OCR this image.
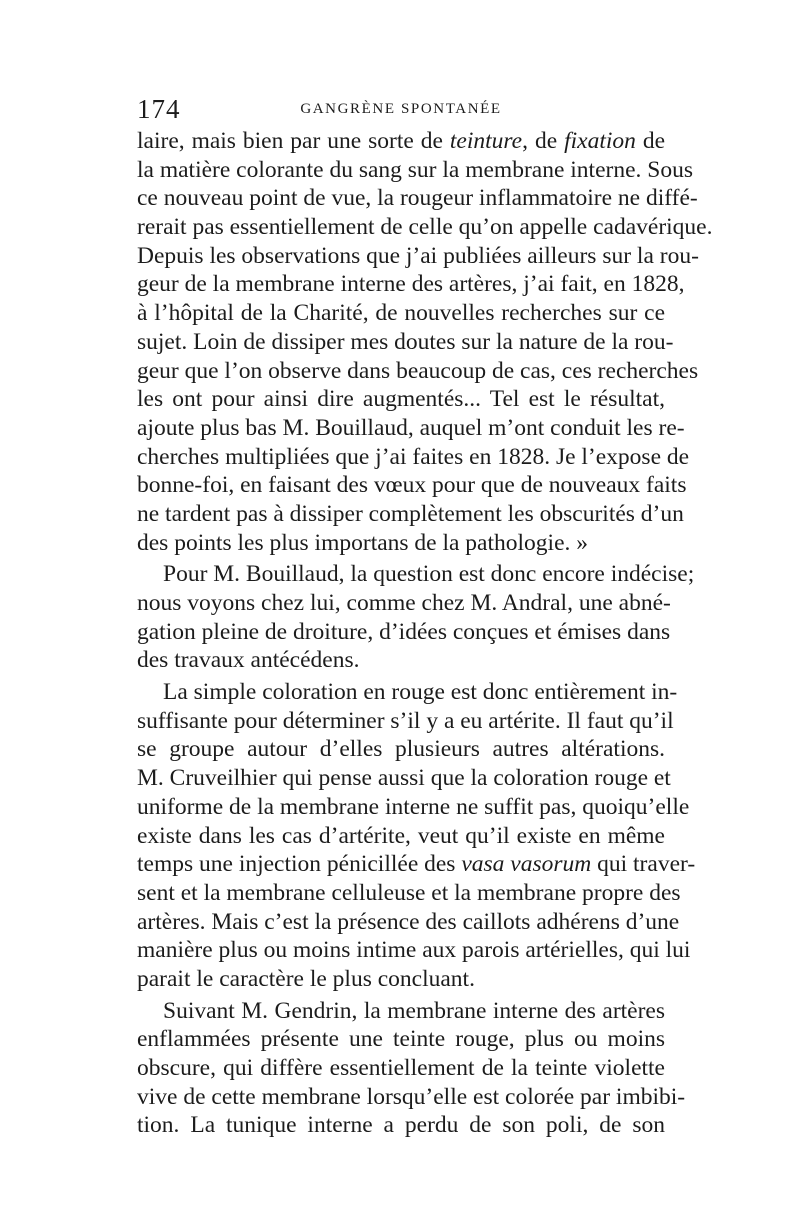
174	GANGRÈNE SPONTANÉE
laire, mais bien par une sorte de teinture, de fixation de
la matière colorante du sang sur la membrane interne. Sous
ce nouveau point de vue, la rougeur inflammatoire ne diffé-
rerait pas essentiellement de celle qu’on appelle cadavérique.
Depuis les observations que j’ai publiées ailleurs sur la rou-
geur de la membrane interne des artères, j’ai fait, en 1828,
à l’hôpital de la Charité, de nouvelles recherches sur ce
sujet. Loin de dissiper mes doutes sur la nature de la rou-
geur que l’on observe dans beaucoup de cas, ces recherches
les ont pour ainsi dire augmentés... Tel est le résultat,
ajoute plus bas M. Bouillaud, auquel m’ont conduit les re-
cherches multipliées que j’ai faites en 1828. Je l’expose de
bonne-foi, en faisant des vœux pour que de nouveaux faits
ne tardent pas à dissiper complètement les obscurités d’un
des points les plus importans de la pathologie. »
Pour M. Bouillaud, la question est donc encore indécise;
nous voyons chez lui, comme chez M. Andral, une abné-
gation pleine de droiture, d’idées conçues et émises dans
des travaux antécédens.
La simple coloration en rouge est donc entièrement in-
suffisante pour déterminer s’il y a eu artérite. Il faut qu’il
se groupe autour d’elles plusieurs autres altérations.
M. Cruveilhier qui pense aussi que la coloration rouge et
uniforme de la membrane interne ne suffit pas, quoiqu’elle
existe dans les cas d’artérite, veut qu’il existe en même
temps une injection pénicillée des vasa vasorum qui traver-
sent et la membrane celluleuse et la membrane propre des
artères. Mais c’est la présence des caillots adhérens d’une
manière plus ou moins intime aux parois artérielles, qui lui
parait le caractère le plus concluant.
Suivant M. Gendrin, la membrane interne des artères
enflammées présente une teinte rouge, plus ou moins
obscure, qui diffère essentiellement de la teinte violette
vive de cette membrane lorsqu’elle est colorée par imbibi-
tion. La tunique interne a perdu de son poli, de son
